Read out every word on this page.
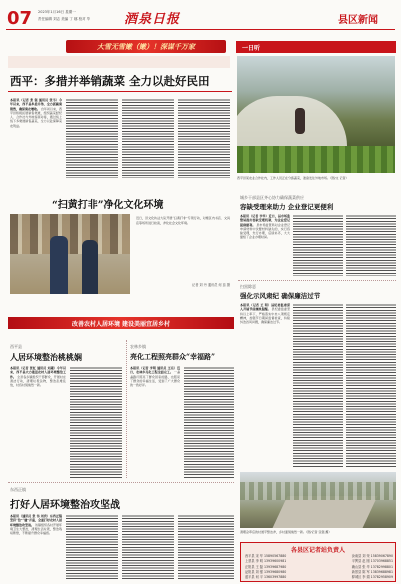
07 2023年1月16日 星期一
责任编辑 刘志 美编 丁 娜 校对 毕	酒泉日报	县区新闻
大雪无雪嫩（嫩）！深谋千万家	一日听
西平：多措并举销蔬菜 全力以赴好民田
本报讯（记者 张 强 通讯员 张韦）今年以来，西平县多措并举，全力抓蔬菜销售，确保菜农增收。 自年初以来，西平县积极拓展销售渠道，组织蔬菜经纪人、合作社与外地客商对接，通过线上线下多渠道销售蔬菜，全力以赴保障菜农利益。
西平县某农业合作社内，工作人员正在分拣蔬菜，准备发往外地市场。（图/文 记者）
城乡干部县区齐心协力确保蔬菜供应
容缺受理来助力 企业登记更便利
本报讯（记者 李华）近日，县市场监管局推出容缺受理机制，为企业登记提供便利。 县市场监管局对企业登记申请材料中次要材料缺失的，实行容缺受理，先行办理，后续补齐，大大缩短了企业办理时间。
扫黑除恶
强化示风肃纪 确保廉洁过节
本报讯（记者 王 明）县纪委监委深入开展节前廉政提醒。 县纪委监委坚持以上率下，严格落实中央八项规定精神，加强节日期间监督检查，持续纠治四风问题，确保廉洁过节。
“扫黄打非”净化文化环境
近日，县文化执法大队开展“扫黄打非”专项行动，对辖区内书店、文具店等场所进行检查，净化社会文化环境。
记者 刘 丹 通讯员 何 蕊 摄
改善农村人居环境 建设美丽宜居乡村
西平县
人居环境整治桃桃娴
本报讯（记者 张红 通讯员 刘越）今年以来，西平县大力推进农村人居环境整治工作。 全县各乡镇组织干部群众，开展村庄清洁行动，清理垃圾杂物，整治乱堆乱放，村容村貌焕然一新。
农林乡镇
亮化工程照亮群众“幸福路”
本报讯（记者 李明 通讯员 王亮）近日，农林乡亮化工程全面完工。 一盏盏路灯照亮了群众回家的路，也照亮了群众的幸福生活，受到了广大群众的一致好评。
东西正镇
打好人居环境整治攻坚战
本报讯（通讯员 张 伟 刘宾）东西正镇坚持“治”“建”并重，全面打好农村人居环境整治攻坚战。 该镇组织各村开展环境卫生大整治，清理生活垃圾，整治残垣断壁，不断提升群众幸福感。	清理杂草后的村道平整洁净，乡村面貌焕然一新。（图/记者 张强 摄）
各县区记者站负责人
西平县 宋 华 15890567880	汝南县 刘 荣 15839067890
上蔡县 李 明 13939600981	平舆县 赵 刚 13703968851
正阳县 王 磊 13939687980	确山县 张 华 13782998801
泌阳县 刘 强 13939680980	新蔡县 陈 军 13839688981
遂平县 何 平 13603997880	驿城区 李 娟 13782958909
